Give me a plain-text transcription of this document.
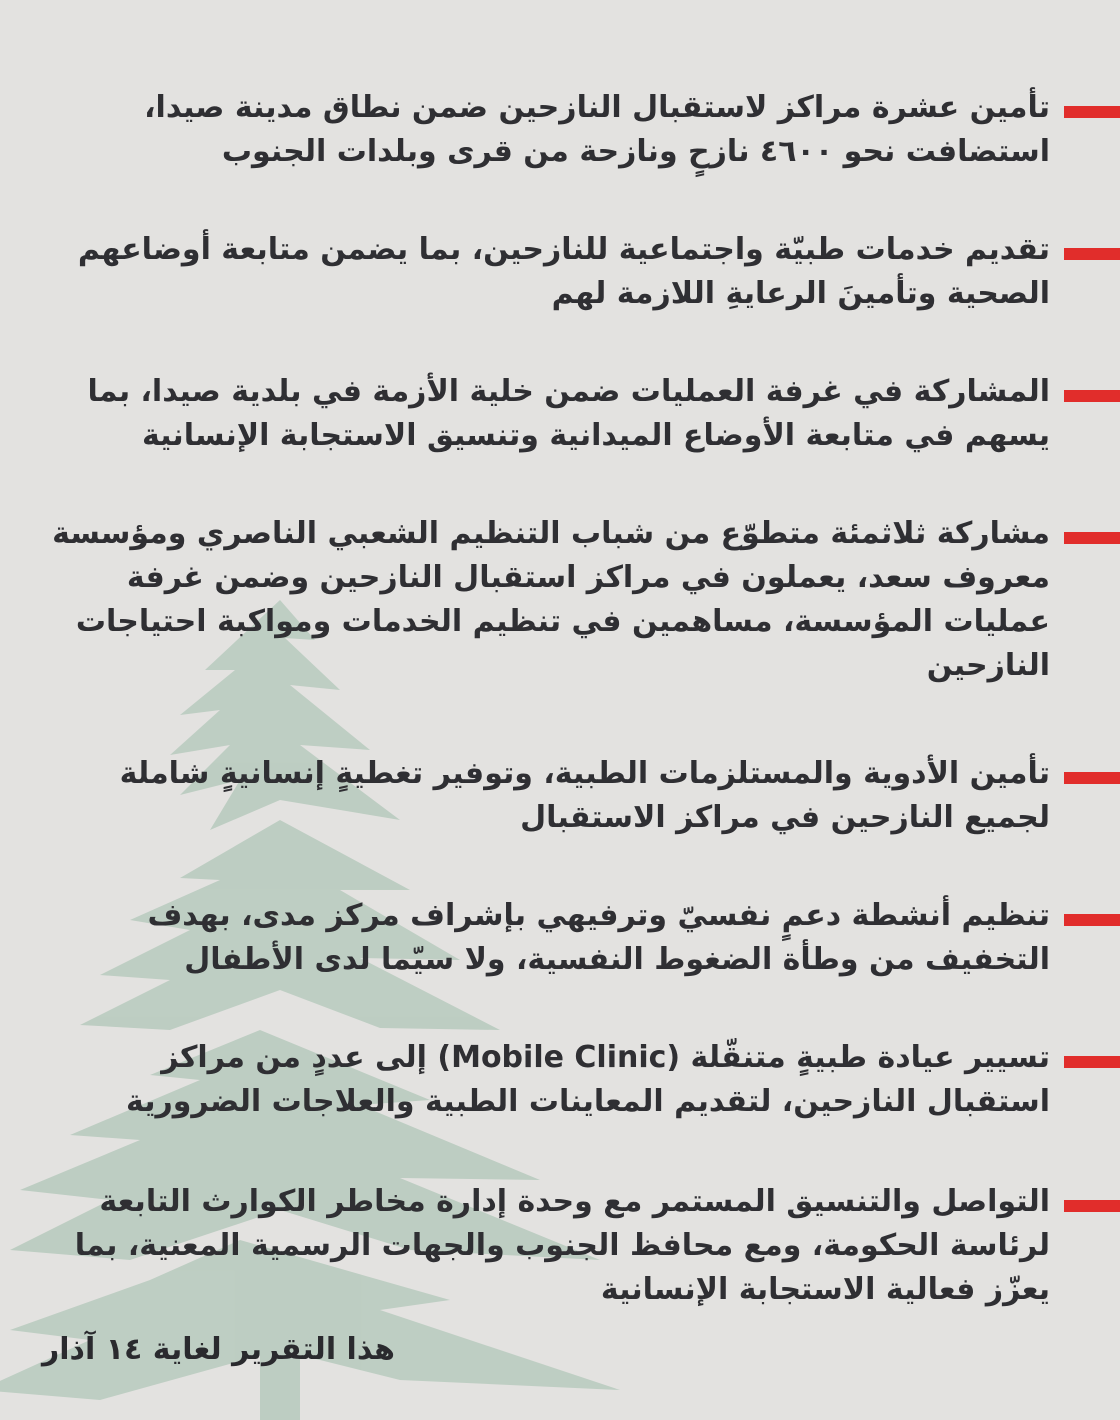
تأمين عشرة مراكز لاستقبال النازحين ضمن نطاق مدينة صيدا، استضافت نحو ٤٦٠٠ نازحٍ ونازحة من قرى وبلدات الجنوب

تقديم خدمات طبيّة واجتماعية للنازحين، بما يضمن متابعة أوضاعهم الصحية وتأمينَ الرعايةِ اللازمة لهم

المشاركة في غرفة العمليات ضمن خلية الأزمة في بلدية صيدا، بما يسهم في متابعة الأوضاع الميدانية وتنسيق الاستجابة الإنسانية

مشاركة ثلاثمئة متطوّع من شباب التنظيم الشعبي الناصري ومؤسسة معروف سعد، يعملون في مراكز استقبال النازحين وضمن غرفة عمليات المؤسسة، مساهمين في تنظيم الخدمات ومواكبة احتياجات النازحين

تأمين الأدوية والمستلزمات الطبية، وتوفير تغطيةٍ إنسانيةٍ شاملة لجميع النازحين في مراكز الاستقبال

تنظيم أنشطة دعمٍ نفسيّ وترفيهي بإشراف مركز مدى، بهدف التخفيف من وطأة الضغوط النفسية، ولا سيّما لدى الأطفال

تسيير عيادة طبيةٍ متنقّلة (Mobile Clinic) إلى عددٍ من مراكز استقبال النازحين، لتقديم المعاينات الطبية والعلاجات الضرورية

التواصل والتنسيق المستمر مع وحدة إدارة مخاطر الكوارث التابعة لرئاسة الحكومة، ومع محافظ الجنوب والجهات الرسمية المعنية، بما يعزّز فعالية الاستجابة الإنسانية

هذا التقرير لغاية ١٤ آذار
